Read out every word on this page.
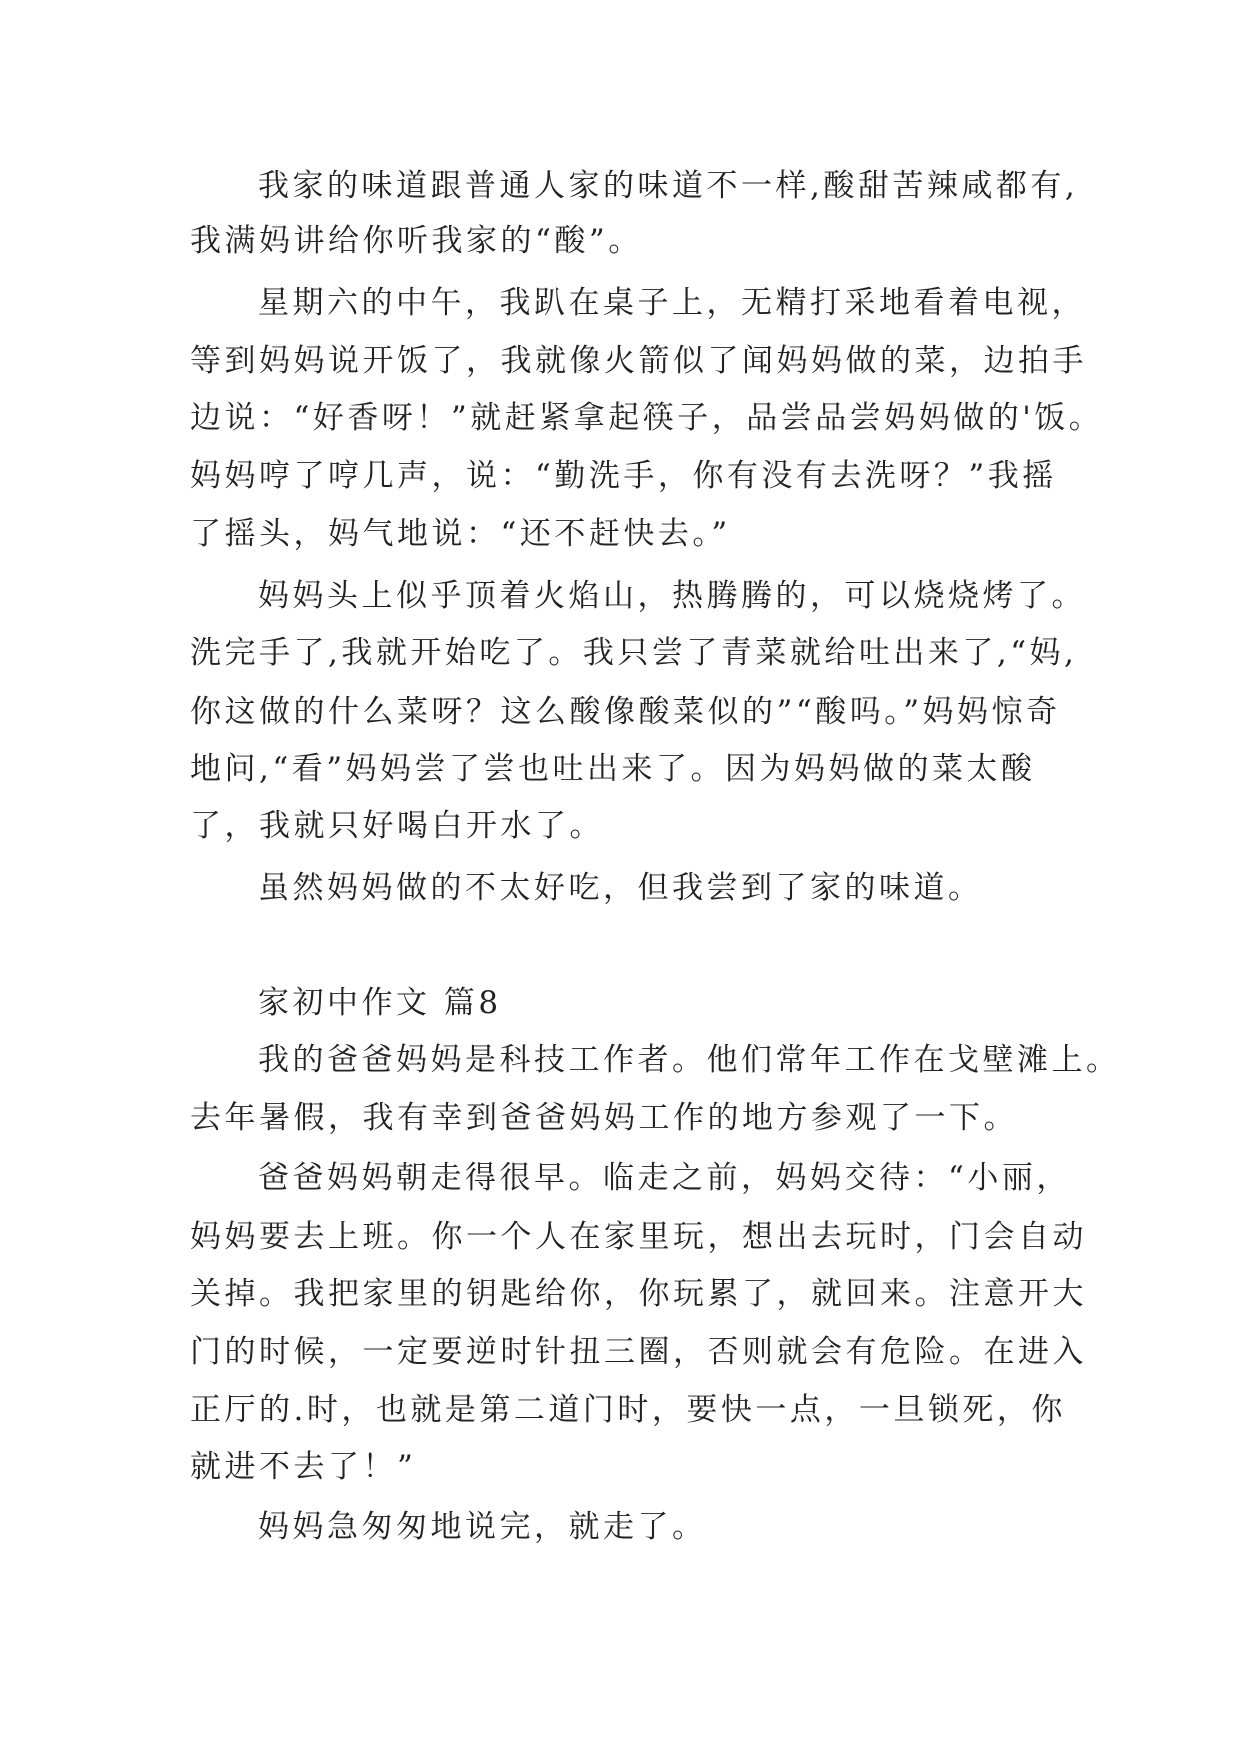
我家的味道跟普通人家的味道不一样,酸甜苦辣咸都有,
我满妈讲给你听我家的“酸”。
星期六的中午，我趴在桌子上，无精打采地看着电视，
等到妈妈说开饭了，我就像火箭似了闻妈妈做的菜，边拍手
边说：“好香呀！”就赶紧拿起筷子，品尝品尝妈妈做的'饭。
妈妈哼了哼几声，说：“勤洗手，你有没有去洗呀？”我摇
了摇头，妈气地说：“还不赶快去。”
妈妈头上似乎顶着火焰山，热腾腾的，可以烧烧烤了。
洗完手了,我就开始吃了。我只尝了青菜就给吐出来了,“妈,
你这做的什么菜呀？这么酸像酸菜似的”“酸吗。”妈妈惊奇
地问,“看”妈妈尝了尝也吐出来了。因为妈妈做的菜太酸
了，我就只好喝白开水了。
虽然妈妈做的不太好吃，但我尝到了家的味道。
家初中作文 篇8
我的爸爸妈妈是科技工作者。他们常年工作在戈壁滩上。
去年暑假，我有幸到爸爸妈妈工作的地方参观了一下。
爸爸妈妈朝走得很早。临走之前，妈妈交待：“小丽，
妈妈要去上班。你一个人在家里玩，想出去玩时，门会自动
关掉。我把家里的钥匙给你，你玩累了，就回来。注意开大
门的时候，一定要逆时针扭三圈，否则就会有危险。在进入
正厅的.时，也就是第二道门时，要快一点，一旦锁死，你
就进不去了！”
妈妈急匆匆地说完，就走了。
